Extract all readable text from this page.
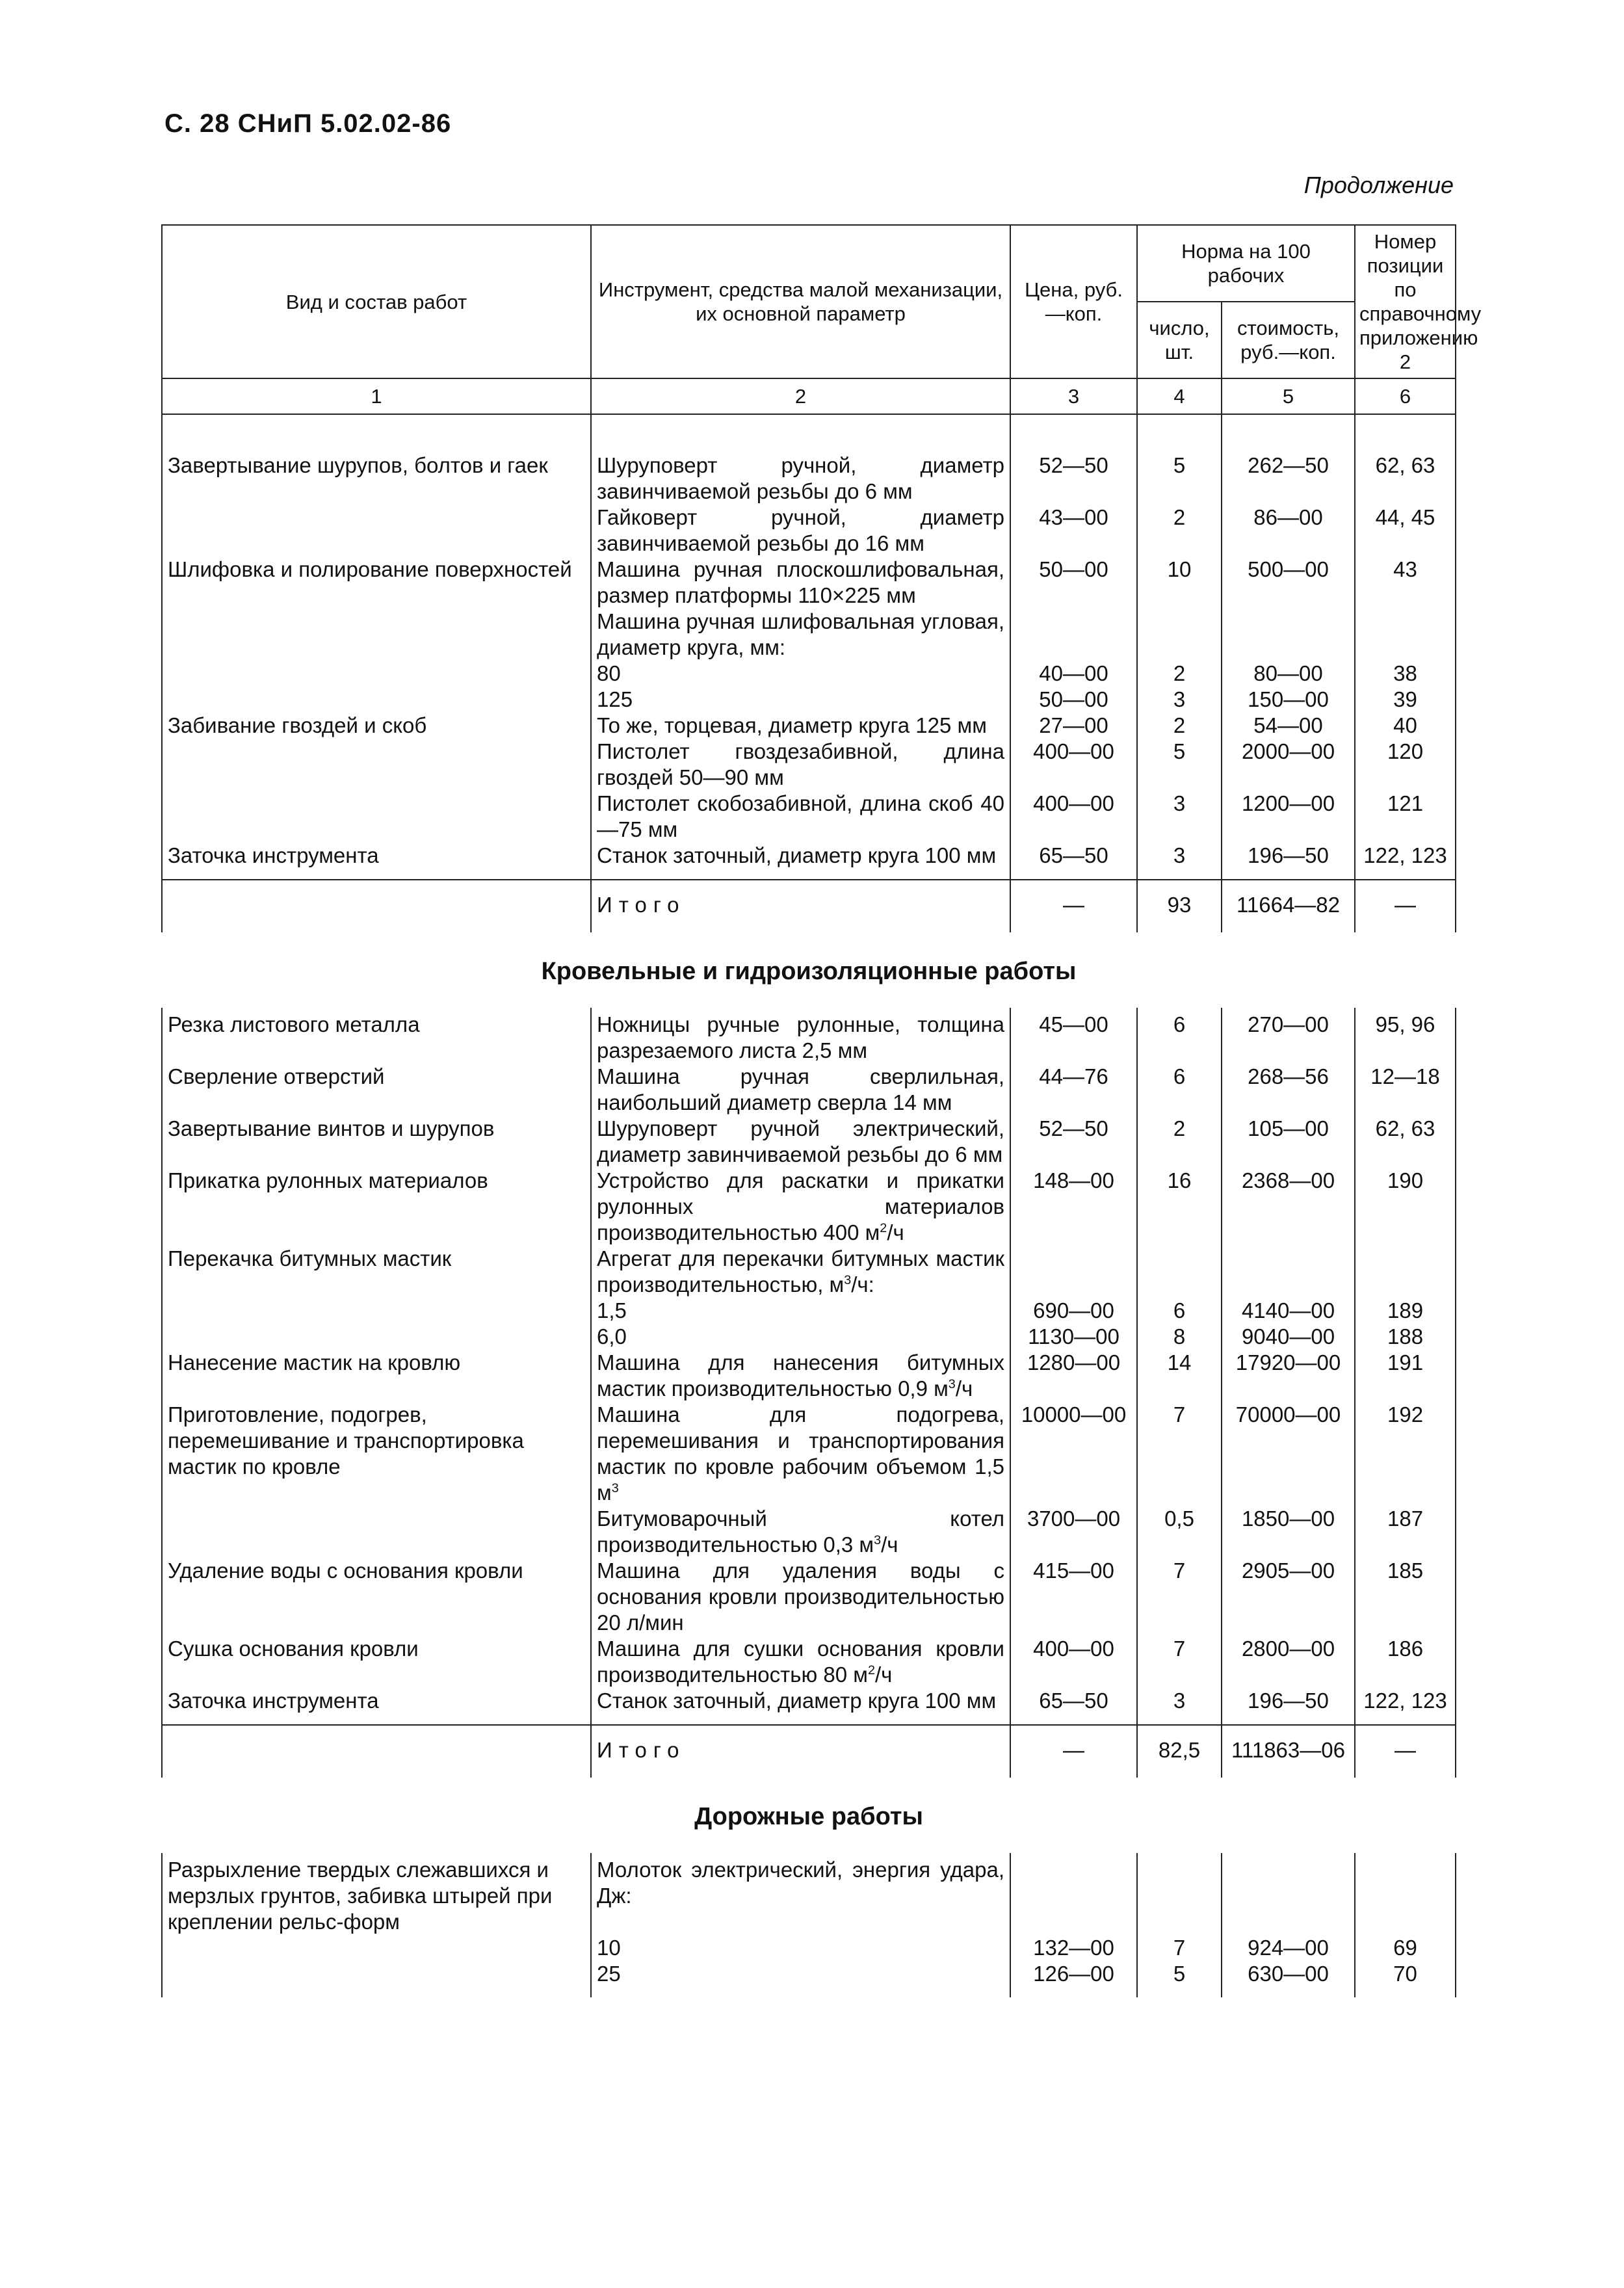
С. 28 СНиП 5.02.02-86
Продолжение
Вид и состав работ	Инструмент, средства малой механизации, их основной параметр	Цена, руб.—коп.	Норма на 100 рабочих		Номер позиции по справочному приложению 2
			число, шт.	стоимость, руб.—коп.	
1	2	3	4	5	6
Завертывание шурупов, болтов и гаек	Шуруповерт ручной, диаметр завинчиваемой резьбы до 6 мм	52—50	5	262—50	62, 63
	Гайковерт ручной, диаметр завинчиваемой резьбы до 16 мм	43—00	2	86—00	44, 45
Шлифовка и полирование поверхностей	Машина ручная плоскошлифовальная, размер платформы 110×225 мм	50—00	10	500—00	43
	Машина ручная шлифовальная угловая, диаметр круга, мм:				
	80	40—00	2	80—00	38
	125	50—00	3	150—00	39
Забивание гвоздей и скоб	То же, торцевая, диаметр круга 125 мм	27—00	2	54—00	40
	Пистолет гвоздезабивной, длина гвоздей 50—90 мм	400—00	5	2000—00	120
	Пистолет скобозабивной, длина скоб 40—75 мм	400—00	3	1200—00	121
Заточка инструмента	Станок заточный, диаметр круга 100 мм	65—50	3	196—50	122, 123
	Итого	—	93	11664—82	—
Кровельные и гидроизоляционные работы					
Резка листового металла	Ножницы ручные рулонные, толщина разрезаемого листа 2,5 мм	45—00	6	270—00	95, 96
Сверление отверстий	Машина ручная сверлильная, наибольший диаметр сверла 14 мм	44—76	6	268—56	12—18
Завертывание винтов и шурупов	Шуруповерт ручной электрический, диаметр завинчиваемой резьбы до 6 мм	52—50	2	105—00	62, 63
Прикатка рулонных материалов	Устройство для раскатки и прикатки рулонных материалов производительностью 400 $м^2/ч$	148—00	16	2368—00	190
Перекачка битумных мастик	Агрегат для перекачки битумных мастик производительностью, $м^3/ч$:				
	1,5	690—00	6	4140—00	189
	6,0	1130—00	8	9040—00	188
Нанесение мастик на кровлю	Машина для нанесения битумных мастик производительностью 0,9 $м^3/ч$	1280—00	14	17920—00	191
Приготовление, подогрев, перемешивание и транспортировка мастик по кровле	Машина для подогрева, перемешивания и транспортирования мастик по кровле рабочим объемом 1,5 $м^3$	10000—00	7	70000—00	192
	Битумоварочный котел производительностью 0,3 $м^3/ч$	3700—00	0,5	1850—00	187
Удаление воды с основания кровли	Машина для удаления воды с основания кровли производительностью 20 л/мин	415—00	7	2905—00	185
Сушка основания кровли	Машина для сушки основания кровли производительностью 80 $м^2/ч$	400—00	7	2800—00	186
Заточка инструмента	Станок заточный, диаметр круга 100 мм	65—50	3	196—50	122, 123
	Итого	—	82,5	111863—06	—
Дорожные работы					
Разрыхление твердых слежавшихся и мерзлых грунтов, забивка штырей при креплении рельс-форм	Молоток электрический, энергия удара, Дж:				
	10	132—00	7	924—00	69
	25	126—00	5	630—00	70
